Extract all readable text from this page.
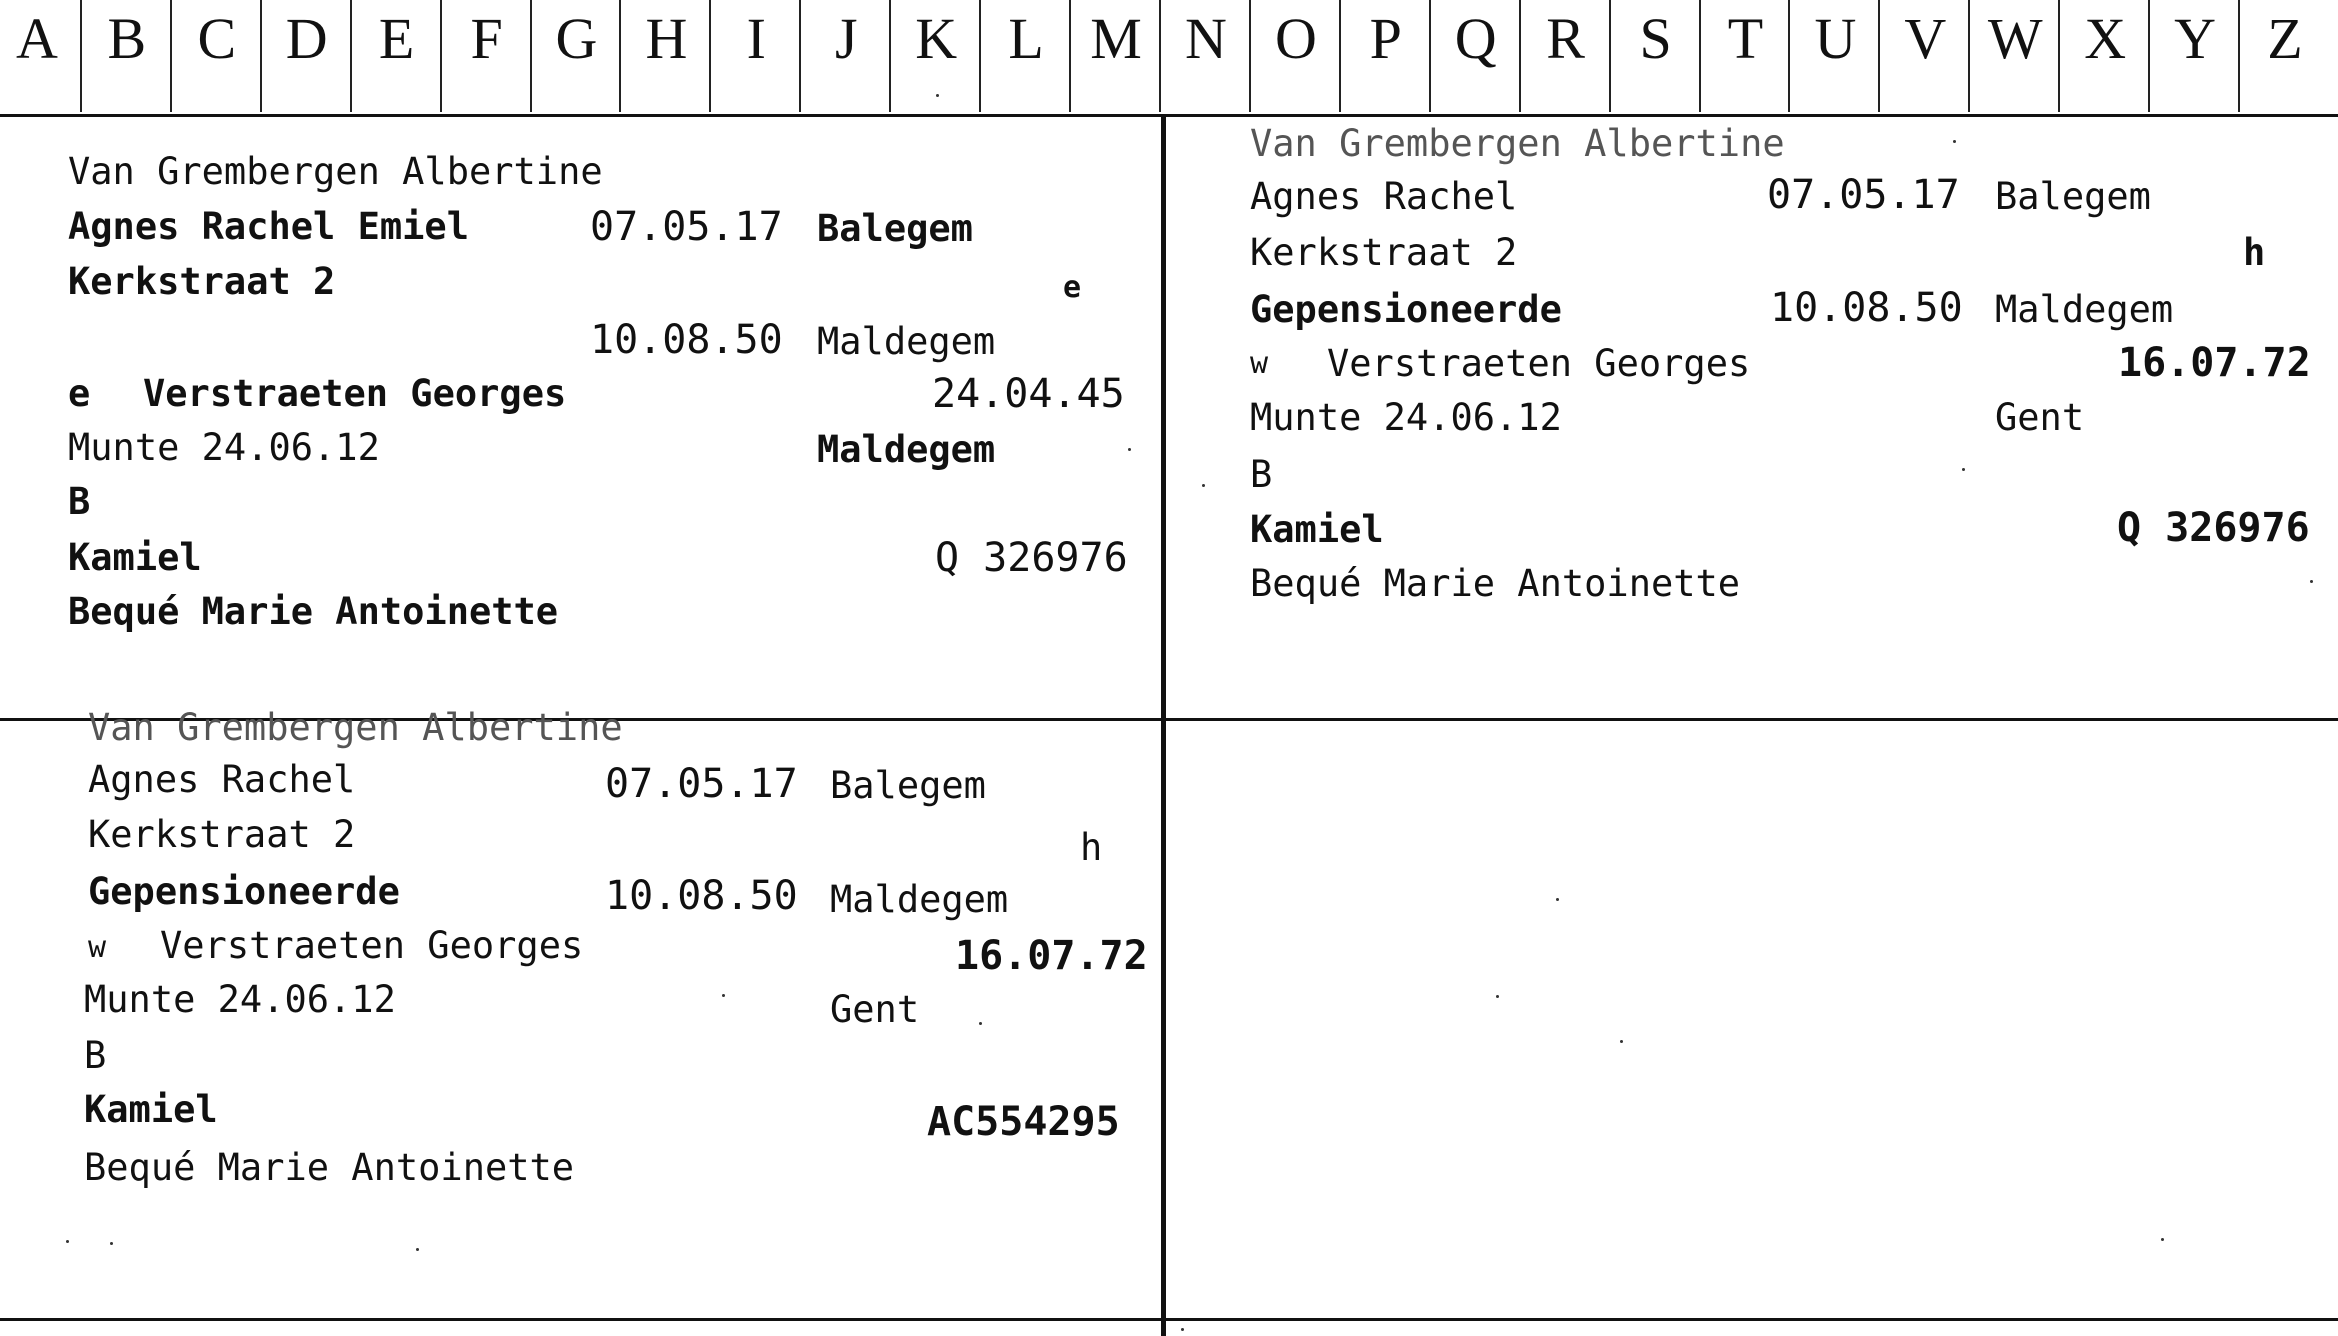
A B C D E F G H	I	J K L M N O P Q R S T U V W X Y Z
Van Grembergen Albertine
Agnes Rachel Emiel	07.05.17 Balegem
Kerkstraat 2	e
10.08.50 Maldegem
e Verstraeten Georges	24.04.45
Munte 24.06.12	Maldegem
B
Kamiel	Q 326976
Bequé Marie Antoinette
Van Grembergen Albertine
Agnes Rachel	07.05.17 Balegem
Kerkstraat 2	h
Gepensioneerde	10.08.50 Maldegem
w Verstraeten Georges	16.07.72
Munte 24.06.12	Gent
B
Kamiel	Q 326976
Bequé Marie Antoinette
Van Grembergen Albertine
Agnes Rachel	07.05.17 Balegem
Kerkstraat 2	h
Gepensioneerde	10.08.50 Maldegem
w Verstraeten Georges	16.07.72
Munte 24.06.12	Gent
B
Kamiel	AC554295
Bequé Marie Antoinette
